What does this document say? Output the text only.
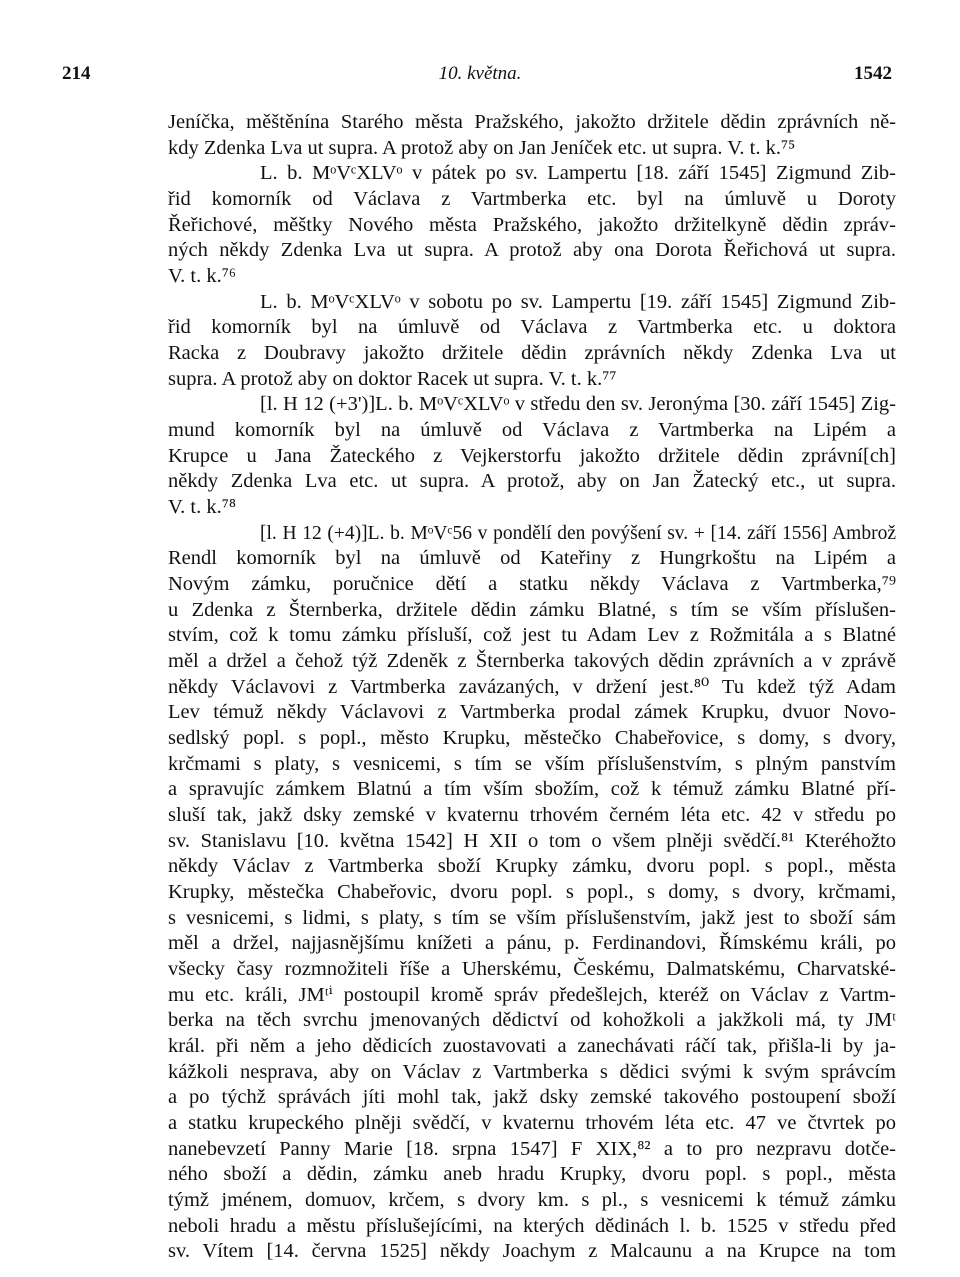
214	10. května.	1542
Jeníčka, měštěnína Starého města Pražského, jakožto držitele dědin zprávních ně-
kdy Zdenka Lva ut supra. A protož aby on Jan Jeníček etc. ut supra. V. t. k.⁷⁵
L. b. MᵒVᶜXLVᵒ v pátek po sv. Lampertu [18. září 1545] Zigmund Zib-
řid komorník od Václava z Vartmberka etc. byl na úmluvě u Doroty
Řeřichové, měštky Nového města Pražského, jakožto držitelkyně dědin zpráv-
ných někdy Zdenka Lva ut supra. A protož aby ona Dorota Řeřichová ut supra.
V. t. k.⁷⁶
L. b. MᵒVᶜXLVᵒ v sobotu po sv. Lampertu [19. září 1545] Zigmund Zib-
řid komorník byl na úmluvě od Václava z Vartmberka etc. u doktora
Racka z Doubravy jakožto držitele dědin zprávních někdy Zdenka Lva ut
supra. A protož aby on doktor Racek ut supra. V. t. k.⁷⁷
[l. H 12 (+3')]L. b. MᵒVᶜXLVᵒ v středu den sv. Jeronýma [30. září 1545] Zig-
mund komorník byl na úmluvě od Václava z Vartmberka na Lipém a
Krupce u Jana Žateckého z Vejkerstorfu jakožto držitele dědin zprávní[ch]
někdy Zdenka Lva etc. ut supra. A protož, aby on Jan Žatecký etc., ut supra.
V. t. k.⁷⁸
[l. H 12 (+4)]L. b. MᵒVᶜ56 v pondělí den povýšení sv. + [14. září 1556] Ambrož
Rendl komorník byl na úmluvě od Kateřiny z Hungrkoštu na Lipém a
Novým zámku, poručnice dětí a statku někdy Václava z Vartmberka,⁷⁹
u Zdenka z Šternberka, držitele dědin zámku Blatné, s tím se vším příslušen-
stvím, což k tomu zámku přísluší, což jest tu Adam Lev z Rožmitála a s Blatné
měl a držel a čehož týž Zdeněk z Šternberka takových dědin zprávních a v zprávě
někdy Václavovi z Vartmberka zavázaných, v držení jest.⁸⁰ Tu kdež týž Adam
Lev témuž někdy Václavovi z Vartmberka prodal zámek Krupku, dvuor Novo-
sedlský popl. s popl., město Krupku, městečko Chabeřovice, s domy, s dvory,
krčmami s platy, s vesnicemi, s tím se vším příslušenstvím, s plným panstvím
a spravujíc zámkem Blatnú a tím vším sbožím, což k témuž zámku Blatné pří-
sluší tak, jakž dsky zemské v kvaternu trhovém černém léta etc. 42 v středu po
sv. Stanislavu [10. května 1542] H XII o tom o všem plněji svědčí.⁸¹ Kteréhožto
někdy Václav z Vartmberka sboží Krupky zámku, dvoru popl. s popl., města
Krupky, městečka Chabeřovic, dvoru popl. s popl., s domy, s dvory, krčmami,
s vesnicemi, s lidmi, s platy, s tím se vším příslušenstvím, jakž jest to sboží sám
měl a držel, najjasnějšímu knížeti a pánu, p. Ferdinandovi, Římskému králi, po
všecky časy rozmnožiteli říše a Uherskému, Českému, Dalmatskému, Charvatské-
mu etc. králi, JMᵗⁱ postoupil kromě správ předešlejch, kteréž on Václav z Vartm-
berka na těch svrchu jmenovaných dědictví od kohožkoli a jakžkoli má, ty JMᵗ
král. při něm a jeho dědicích zuostavovati a zanechávati ráčí tak, přišla-li by ja-
kážkoli nesprava, aby on Václav z Vartmberka s dědici svými k svým správcím
a po týchž správách jíti mohl tak, jakž dsky zemské takového postoupení sboží
a statku krupeckého plněji svědčí, v kvaternu trhovém léta etc. 47 ve čtvrtek po
nanebevzetí Panny Marie [18. srpna 1547] F XIX,⁸² a to pro nezpravu dotče-
ného sboží a dědin, zámku aneb hradu Krupky, dvoru popl. s popl., města
týmž jménem, domuov, krčem, s dvory km. s pl., s vesnicemi k témuž zámku
neboli hradu a městu příslušejícími, na kterých dědinách l. b. 1525 v středu před
sv. Vítem [14. června 1525] někdy Joachym z Malcaunu a na Krupce na tom
